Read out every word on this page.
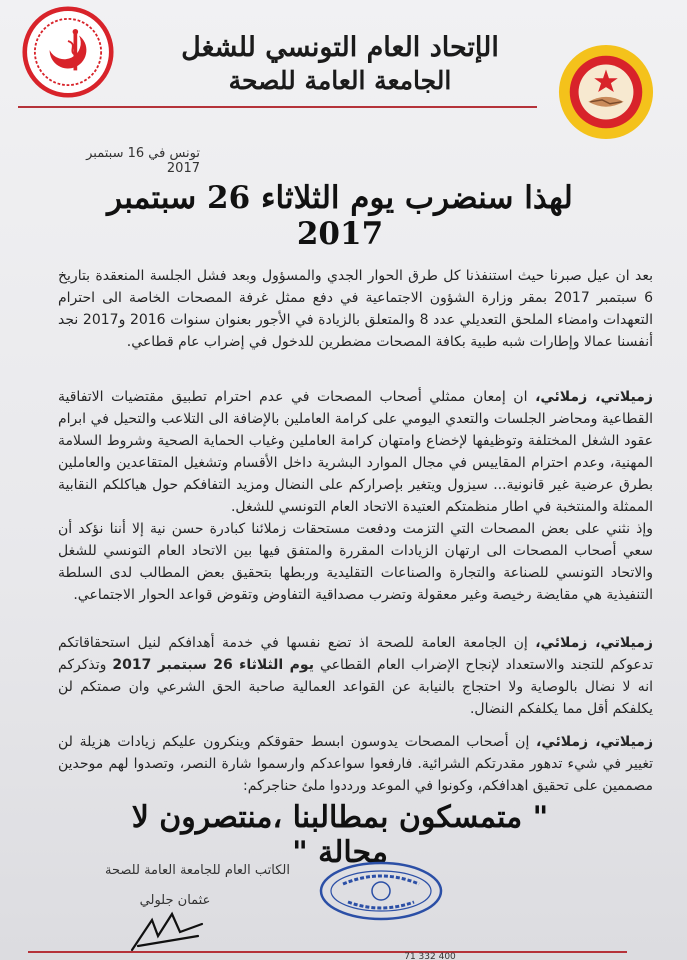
الإتحاد العام التونسي للشغل
الجامعة العامة للصحة
تونس في 16 سبتمبر 2017
لهذا سنضرب يوم الثلاثاء 26 سبتمبر 2017
بعد ان عيل صبرنا حيث استنفذنا كل طرق الحوار الجدي والمسؤول وبعد فشل الجلسة المنعقدة بتاريخ 6 سبتمبر 2017 بمقر وزارة الشؤون الاجتماعية في دفع ممثل غرفة المصحات الخاصة الى احترام التعهدات وامضاء الملحق التعديلي عدد 8 والمتعلق بالزيادة في الأجور بعنوان سنوات 2016 و2017 نجد أنفسنا عمالا وإطارات شبه طبية بكافة المصحات مضطرين للدخول في إضراب عام قطاعي.
زميلاتي، زملائي، ان إمعان ممثلي أصحاب المصحات في عدم احترام تطبيق مقتضيات الاتفاقية القطاعية ومحاضر الجلسات والتعدي اليومي على كرامة العاملين بالإضافة الى التلاعب والتحيل في ابرام عقود الشغل المختلفة وتوظيفها لإخضاع وامتهان كرامة العاملين وغياب الحماية الصحية وشروط السلامة المهنية، وعدم احترام المقاييس في مجال الموارد البشرية داخل الأقسام وتشغيل المتقاعدين والعاملين بطرق عرضية غير قانونية... سيزول ويتغير بإصراركم على النضال ومزيد التفافكم حول هياكلكم النقابية الممثلة والمنتخبة في اطار منظمتكم العتيدة الاتحاد العام التونسي للشغل.
وإذ نثني على بعض المصحات التي التزمت ودفعت مستحقات زملائنا كبادرة حسن نية إلا أننا نؤكد أن سعي أصحاب المصحات الى ارتهان الزيادات المقررة والمتفق فيها بين الاتحاد العام التونسي للشغل والاتحاد التونسي للصناعة والتجارة والصناعات التقليدية وربطها بتحقيق بعض المطالب لدى السلطة التنفيذية هي مقايضة رخيصة وغير معقولة وتضرب مصداقية التفاوض وتقوض قواعد الحوار الاجتماعي.
زميلاتي، زملائي، إن الجامعة العامة للصحة اذ تضع نفسها في خدمة أهدافكم لنيل استحقاقاتكم تدعوكم للتجند والاستعداد لإنجاح الإضراب العام القطاعي يوم الثلاثاء 26 سبتمبر 2017 وتذكركم انه لا نضال بالوصاية ولا احتجاج بالنيابة عن القواعد العمالية صاحبة الحق الشرعي وان صمتكم لن يكلفكم أقل مما يكلفكم النضال.
زميلاتي، زملائي، إن أصحاب المصحات يدوسون ابسط حقوقكم وينكرون عليكم زيادات هزيلة لن تغيير في شيء تدهور مقدرتكم الشرائية. فارفعوا سواعدكم وارسموا شارة النصر، وتصدوا لهم موحدين مصممين على تحقيق اهدافكم، وكونوا في الموعد ورددوا ملئ حناجركم:
" متمسكون بمطالبنا ،منتصرون لا محالة "
الكاتب العام للجامعة العامة للصحة
عثمان جلولي
71 332 400
